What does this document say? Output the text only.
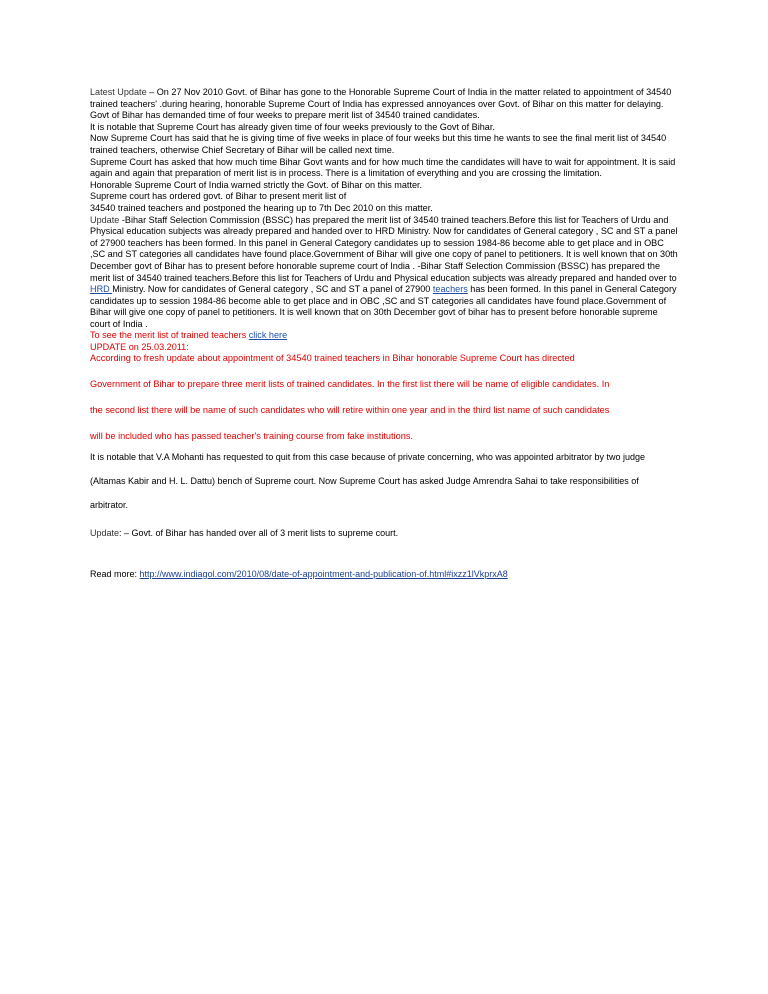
Latest Update – On 27 Nov 2010 Govt. of Bihar has gone to the Honorable Supreme Court of India in the matter related to appointment of 34540 trained teachers' .during hearing, honorable Supreme Court of India has expressed annoyances over Govt. of Bihar on this matter for delaying. Govt of Bihar has demanded time of four weeks to prepare merit list of 34540 trained candidates.

It is notable that Supreme Court has already given time of four weeks previously to the Govt of Bihar.

Now Supreme Court has said that he is giving time of five weeks in place of four weeks but this time he wants to see the final merit list of 34540 trained teachers, otherwise Chief Secretary of Bihar will be called next time.

Supreme Court has asked that how much time Bihar Govt wants and for how much time the candidates will have to wait for appointment. It is said again and again that preparation of merit list is in process. There is a limitation of everything and you are crossing the limitation.

Honorable Supreme Court of India warned strictly the Govt. of Bihar on this matter.

Supreme court has ordered govt. of Bihar to present merit list of

34540 trained teachers and postponed the hearing up to 7th Dec 2010 on this matter.

Update -Bihar Staff Selection Commission (BSSC) has prepared the merit list of 34540 trained teachers.Before this list for Teachers of Urdu and Physical education subjects was already prepared and handed over to HRD Ministry. Now for candidates of General category , SC and ST a panel of 27900 teachers has been formed. In this panel in General Category candidates up to session 1984-86 become able to get place and in OBC ,SC and ST categories all candidates have found place.Government of Bihar will give one copy of panel to petitioners. It is well known that on 30th December govt of Bihar has to present before honorable supreme court of India . -Bihar Staff Selection Commission (BSSC) has prepared the merit list of 34540 trained teachers.Before this list for Teachers of Urdu and Physical education subjects was already prepared and handed over to HRD Ministry. Now for candidates of General category , SC and ST a panel of 27900 teachers has been formed. In this panel in General Category candidates up to session 1984-86 become able to get place and in OBC ,SC and ST categories all candidates have found place.Government of Bihar will give one copy of panel to petitioners. It is well known that on 30th December govt of bihar has to present before honorable supreme court of India .

To see the merit list of trained teachers click here

UPDATE on 25.03.2011:

According to fresh update about appointment of 34540 trained teachers in Bihar honorable Supreme Court has directed

Government of Bihar to prepare three merit lists of trained candidates. In the first list there will be name of eligible candidates. In

the second list there will be name of such candidates who will retire within one year and in the third list name of such candidates

will be included who has passed teacher's training course from fake institutions.

It is notable that V.A Mohanti has requested to quit from this case because of private concerning, who was appointed arbitrator by two judge

(Altamas Kabir and H. L. Dattu) bench of Supreme court. Now Supreme Court has asked Judge Amrendra Sahai to take responsibilities of

arbitrator.

Update: – Govt. of Bihar has handed over all of 3 merit lists to supreme court.

Read more: http://www.indiagol.com/2010/08/date-of-appointment-and-publication-of.html#ixzz1lVkprxA8
